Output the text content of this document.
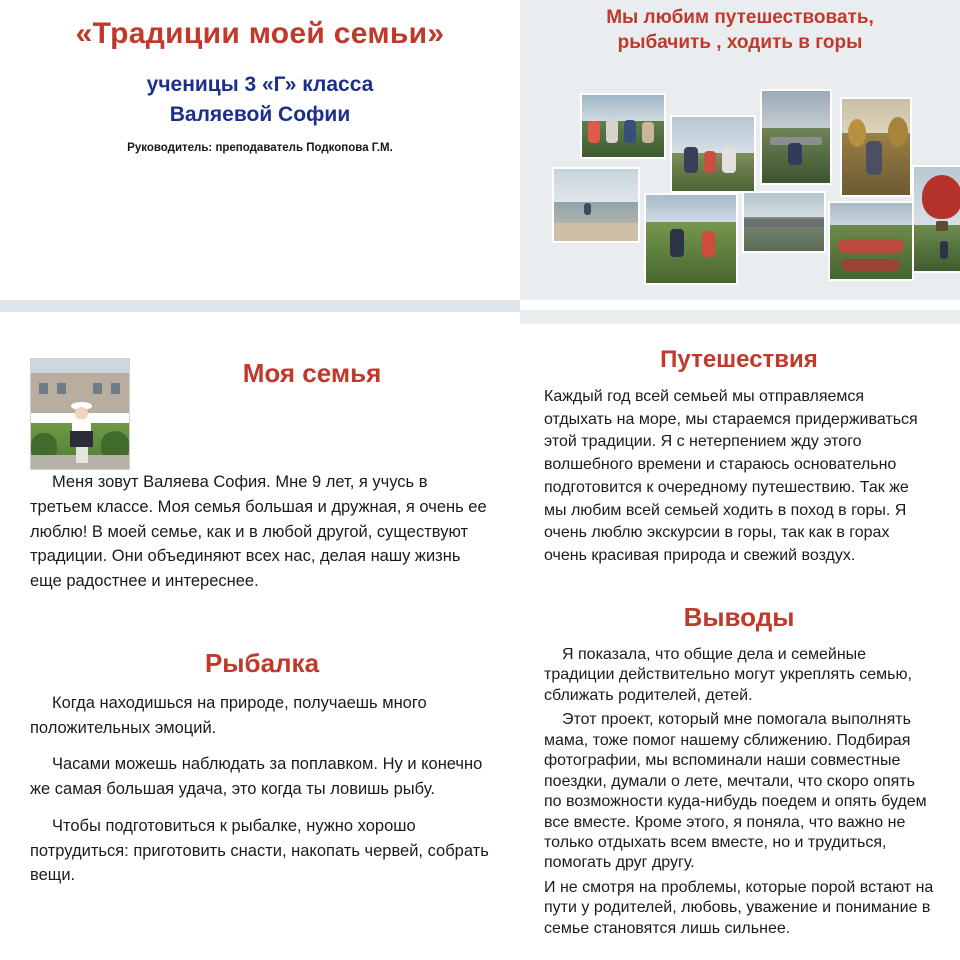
«Традиции моей семьи»
ученицы 3 «Г» класса
Валяевой Софии
Руководитель: преподаватель Подкопова Г.М.
Мы любим путешествовать,
рыбачить , ходить в горы
Моя семья

Меня зовут Валяева София. Мне 9 лет, я учусь в третьем классе. Моя семья большая и дружная, я очень ее люблю! В моей семье, как и в любой другой, существуют традиции. Они объединяют всех нас, делая нашу жизнь еще радостнее и интереснее.

Рыбалка

Когда находишься на природе, получаешь много положительных эмоций.

Часами можешь наблюдать за поплавком. Ну и конечно же самая большая удача, это когда ты ловишь рыбу.

Чтобы подготовиться к рыбалке, нужно хорошо потрудиться: приготовить снасти, накопать червей, собрать вещи.

Путешествия

Каждый год всей семьей мы отправляемся отдыхать на море, мы стараемся придерживаться этой традиции. Я с нетерпением жду этого волшебного времени и стараюсь основательно подготовится к очередному путешествию. Так же мы любим всей семьей ходить в поход в горы. Я очень люблю экскурсии в горы, так как в горах очень красивая природа и свежий воздух.

Выводы

Я показала, что общие дела и семейные традиции действительно могут укреплять семью, сближать родителей, детей.

Этот проект, который мне помогала выполнять мама, тоже помог нашему сближению. Подбирая фотографии, мы вспоминали наши совместные поездки, думали о лете, мечтали, что скоро опять по возможности куда-нибудь поедем и опять будем все вместе. Кроме этого, я поняла, что важно не только отдыхать всем вместе, но и трудиться, помогать друг другу.

И не смотря на проблемы, которые порой встают на пути у родителей, любовь, уважение и понимание в семье становятся лишь сильнее.
